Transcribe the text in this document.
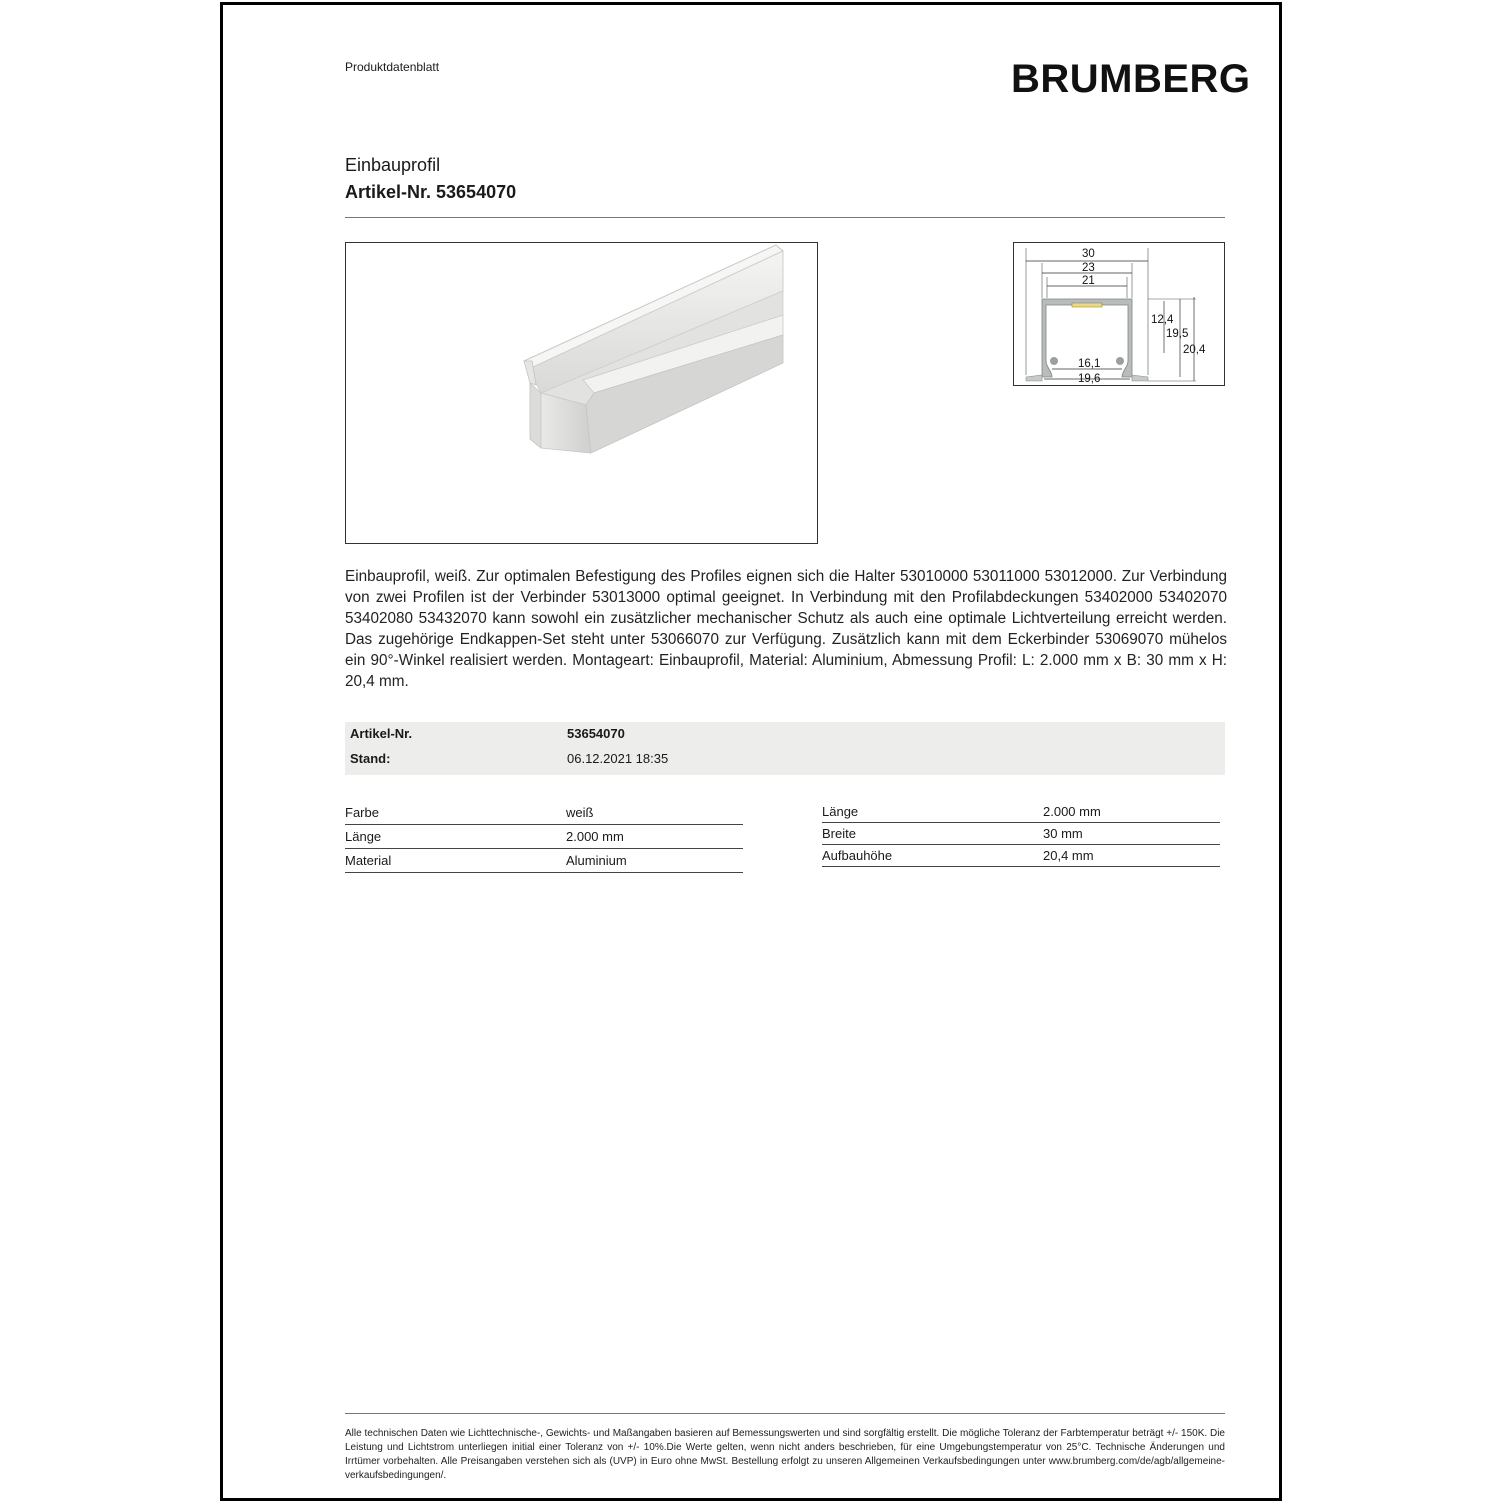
Produktdatenblatt	BRUMBERG
Einbauprofil
Artikel-Nr. 53654070
30
23
21
12,4
19,5
20,4
16,1
19,6
Einbauprofil, weiß. Zur optimalen Befestigung des Profiles eignen sich die Halter 53010000 53011000 53012000. Zur Verbindung von zwei Profilen ist der Verbinder 53013000 optimal geeignet. In Verbindung mit den Profilabdeckungen 53402000 53402070 53402080 53432070 kann sowohl ein zusätzlicher mechanischer Schutz als auch eine optimale Lichtverteilung erreicht werden. Das zugehörige Endkappen-Set steht unter 53066070 zur Verfügung. Zusätzlich kann mit dem Eckerbinder 53069070 mühelos ein 90°-Winkel realisiert werden. Montageart: Einbauprofil, Material: Aluminium, Abmessung Profil: L: 2.000 mm x B: 30 mm x H: 20,4 mm.
Artikel-Nr.	53654070
Stand:	06.12.2021 18:35
Farbe	weiß
Länge	2.000 mm
Material	Aluminium
Länge	2.000 mm
Breite	30 mm
Aufbauhöhe	20,4 mm
Alle technischen Daten wie Lichttechnische-, Gewichts- und Maßangaben basieren auf Bemessungswerten und sind sorgfältig erstellt. Die mögliche Toleranz der Farbtemperatur beträgt +/- 150K. Die Leistung und Lichtstrom unterliegen initial einer Toleranz von +/- 10%.Die Werte gelten, wenn nicht anders beschrieben, für eine Umgebungstemperatur von 25°C. Technische Änderungen und Irrtümer vorbehalten. Alle Preisangaben verstehen sich als (UVP) in Euro ohne MwSt. Bestellung erfolgt zu unseren Allgemeinen Verkaufsbedingungen unter www.brumberg.com/de/agb/allgemeine-verkaufsbedingungen/.
